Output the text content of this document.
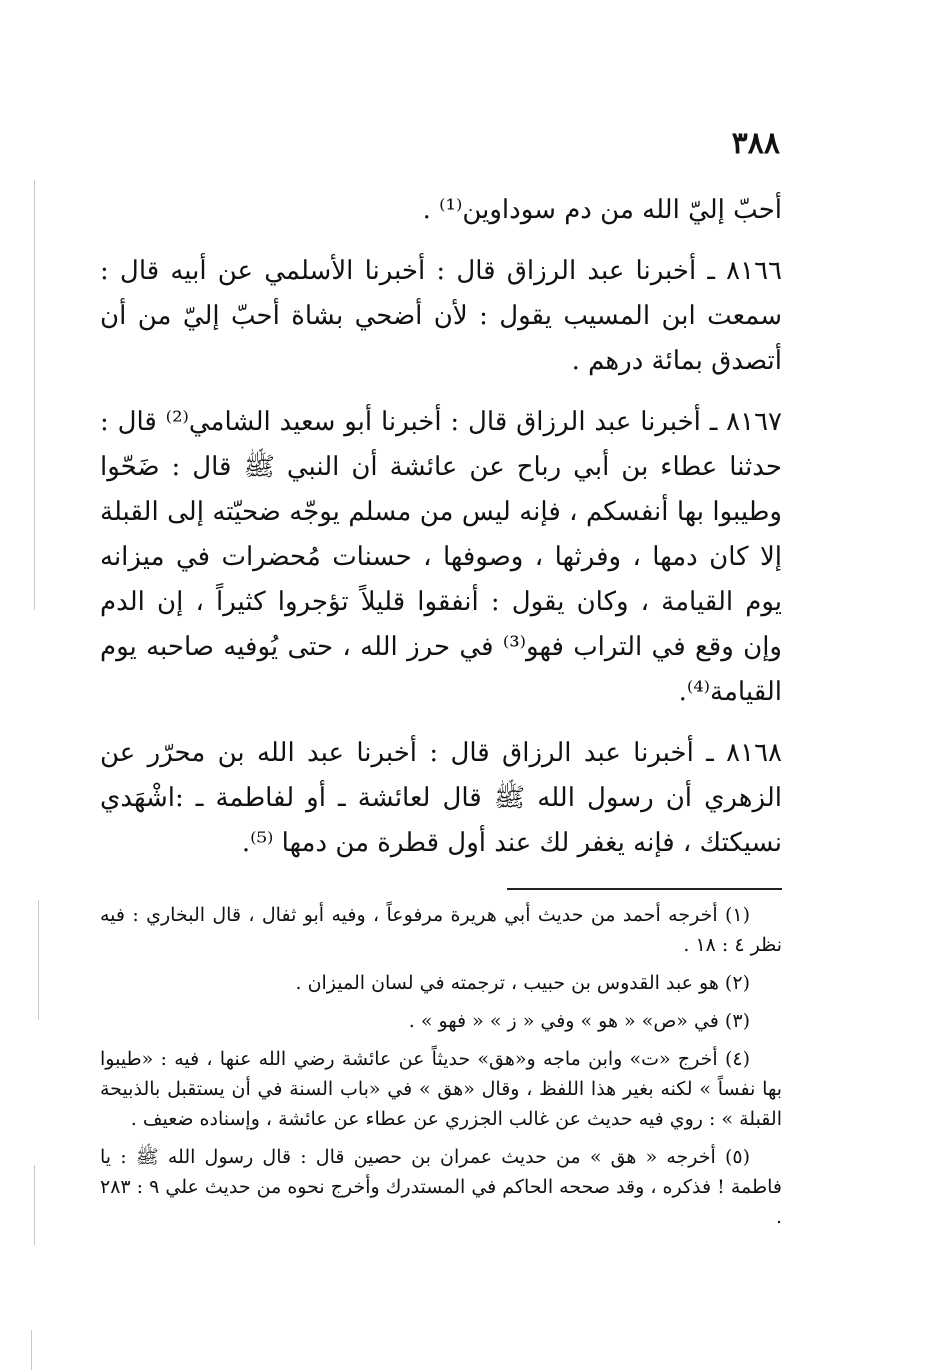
٣٨٨

أحبّ إليّ الله من دم سوداوين⁽¹⁾ .

٨١٦٦ ـ أخبرنا عبد الرزاق قال : أخبرنا الأسلمي عن أبيه قال : سمعت ابن المسيب يقول : لأن أضحي بشاة أحبّ إليّ من أن أتصدق بمائة درهم .

٨١٦٧ ـ أخبرنا عبد الرزاق قال : أخبرنا أبو سعيد الشامي⁽²⁾ قال : حدثنا عطاء بن أبي رباح عن عائشة أن النبي ﷺ قال : ضَحّوا وطيبوا بها أنفسكم ، فإنه ليس من مسلم يوجّه ضحيّته إلى القبلة إلا كان دمها ، وفرثها ، وصوفها ، حسنات مُحضرات في ميزانه يوم القيامة ، وكان يقول : أنفقوا قليلاً تؤجروا كثيراً ، إن الدم وإن وقع في التراب فهو⁽³⁾ في حرز الله ، حتى يُوفيه صاحبه يوم القيامة⁽⁴⁾.

٨١٦٨ ـ أخبرنا عبد الرزاق قال : أخبرنا عبد الله بن محرّر عن الزهري أن رسول الله ﷺ قال لعائشة ـ أو لفاطمة ـ :اشْهَدي نسيكتك ، فإنه يغفر لك عند أول قطرة من دمها ⁽⁵⁾.

(١) أخرجه أحمد من حديث أبي هريرة مرفوعاً ، وفيه أبو ثفال ، قال البخاري : فيه نظر ٤ : ١٨ .

(٢) هو عبد القدوس بن حبيب ، ترجمته في لسان الميزان .

(٣) في «ص» « هو » وفي « ز » « فهو » .

(٤) أخرج «ت» وابن ماجه و«هق» حديثاً عن عائشة رضي الله عنها ، فيه : «طيبوا بها نفساً » لكنه بغير هذا اللفظ ، وقال «هق » في «باب السنة في أن يستقبل بالذبيحة القبلة » : روي فيه حديث عن غالب الجزري عن عطاء عن عائشة ، وإسناده ضعيف .

(٥) أخرجه « هق » من حديث عمران بن حصين قال : قال رسول الله ﷺ : يا فاطمة ! فذكره ، وقد صححه الحاكم في المستدرك وأخرج نحوه من حديث علي ٩ : ٢٨٣ .
